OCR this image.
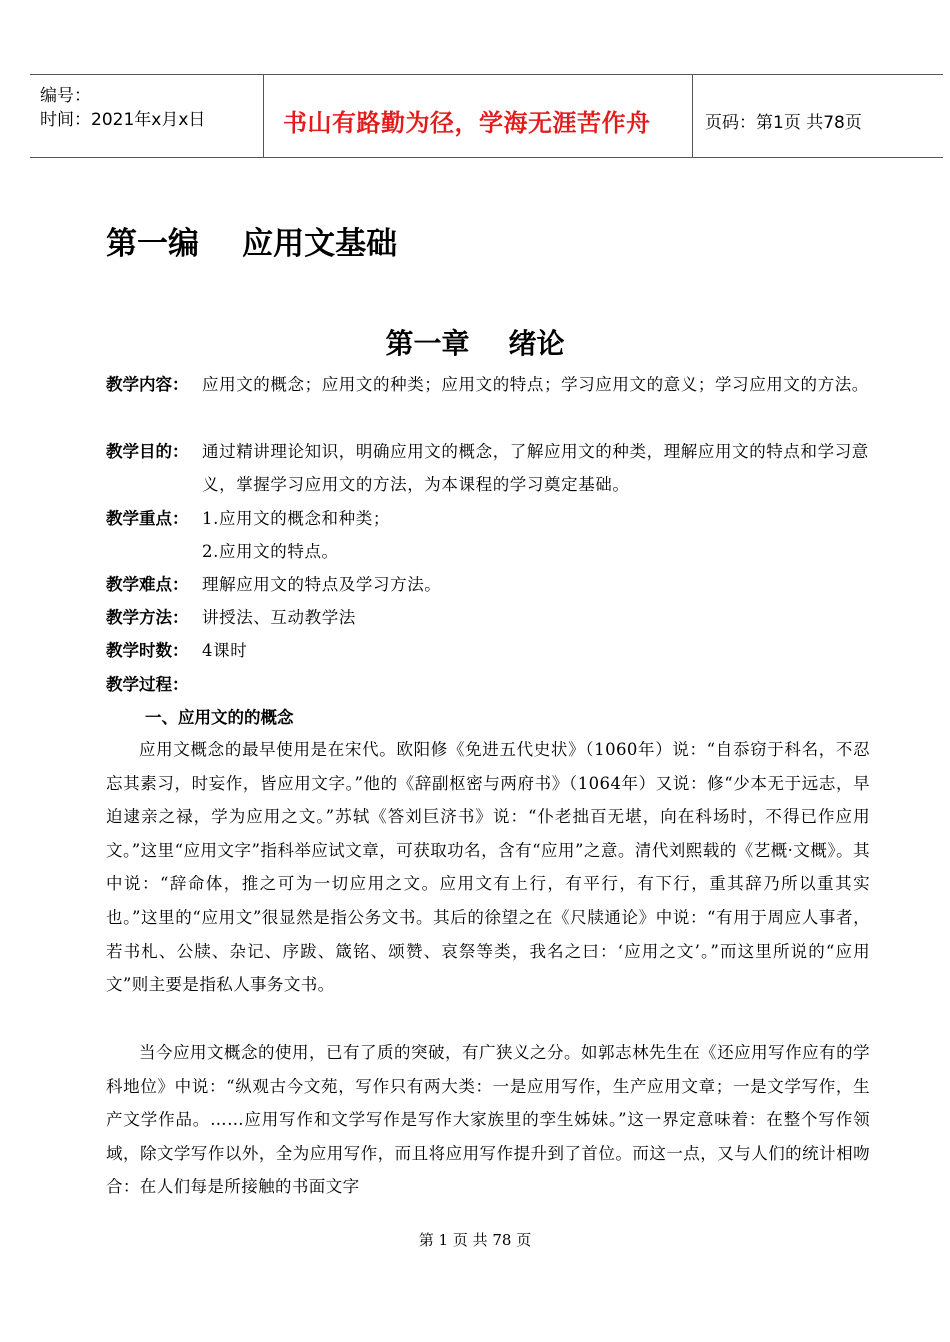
编号：
时间：2021年x月x日	书山有路勤为径，学海无涯苦作舟	页码：第1页 共78页
第一编    应用文基础
第一章    绪论
教学内容： 应用文的概念；应用文的种类；应用文的特点；学习应用文的意义；学习应用文的方法。
教学目的： 通过精讲理论知识，明确应用文的概念，了解应用文的种类，理解应用文的特点和学习意义，掌握学习应用文的方法，为本课程的学习奠定基础。
教学重点： 1.应用文的概念和种类；
2.应用文的特点。
教学难点： 理解应用文的特点及学习方法。
教学方法： 讲授法、互动教学法
教学时数： 4课时
教学过程：
一、应用文的的概念
应用文概念的最早使用是在宋代。欧阳修《免进五代史状》（1060年）说：“自忝窃于科名，不忍忘其素习，时妄作，皆应用文字。”他的《辞副枢密与两府书》（1064年）又说：修“少本无于远志，早迫逮亲之禄，学为应用之文。”苏轼《答刘巨济书》说：“仆老拙百无堪，向在科场时，不得已作应用文。”这里“应用文字”指科举应试文章，可获取功名，含有“应用”之意。清代刘熙载的《艺概·文概》。其中说：“辞命体，推之可为一切应用之文。应用文有上行，有平行，有下行，重其辞乃所以重其实也。”这里的“应用文”很显然是指公务文书。其后的徐望之在《尺牍通论》中说：“有用于周应人事者，若书札、公牍、杂记、序跋、箴铭、颂赞、哀祭等类，我名之曰：‘应用之文’。”而这里所说的“应用文”则主要是指私人事务文书。
当今应用文概念的使用，已有了质的突破，有广狭义之分。如郭志林先生在《还应用写作应有的学科地位》中说：“纵观古今文苑，写作只有两大类：一是应用写作，生产应用文章；一是文学写作，生产文学作品。……应用写作和文学写作是写作大家族里的孪生姊妹。”这一界定意味着：在整个写作领域，除文学写作以外，全为应用写作，而且将应用写作提升到了首位。而这一点，又与人们的统计相吻合：在人们每是所接触的书面文字
第 1 页 共 78 页
